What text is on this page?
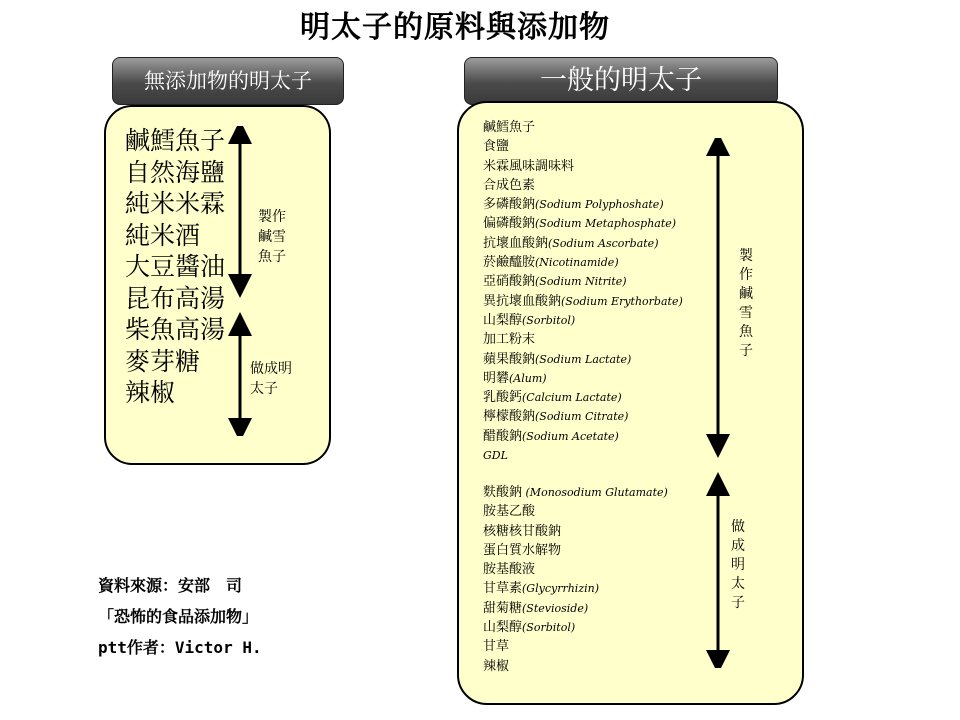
明太子的原料與添加物
無添加物的明太子	一般的明太子
鹹鱈魚子
自然海鹽
純米米霖
純米酒
大豆醬油
昆布高湯
柴魚高湯
麥芽糖
辣椒
製作
鹹雪
魚子
做成明
太子
鹹鱈魚子
食鹽
米霖風味調味料
合成色素
多磷酸鈉(Sodium Polyphoshate)
偏磷酸鈉(Sodium Metaphosphate)
抗壞血酸鈉(Sodium Ascorbate)
菸鹼醯胺(Nicotinamide)
亞硝酸鈉(Sodium Nitrite)
異抗壞血酸鈉(Sodium Erythorbate)
山梨醇(Sorbitol)
加工粉末
蘋果酸鈉(Sodium Lactate)
明礬(Alum)
乳酸鈣(Calcium Lactate)
檸檬酸鈉(Sodium Citrate)
醋酸鈉(Sodium Acetate)
GDL
麩酸鈉 (Monosodium Glutamate)
胺基乙酸
核糖核甘酸鈉
蛋白質水解物
胺基酸液
甘草素(Glycyrrhizin)
甜菊糖(Stevioside)
山梨醇(Sorbitol)
甘草
辣椒
製
作
鹹
雪
魚
子
做
成
明
太
子
資料來源：安部　司
「恐怖的食品添加物」
ptt作者：Victor H.
